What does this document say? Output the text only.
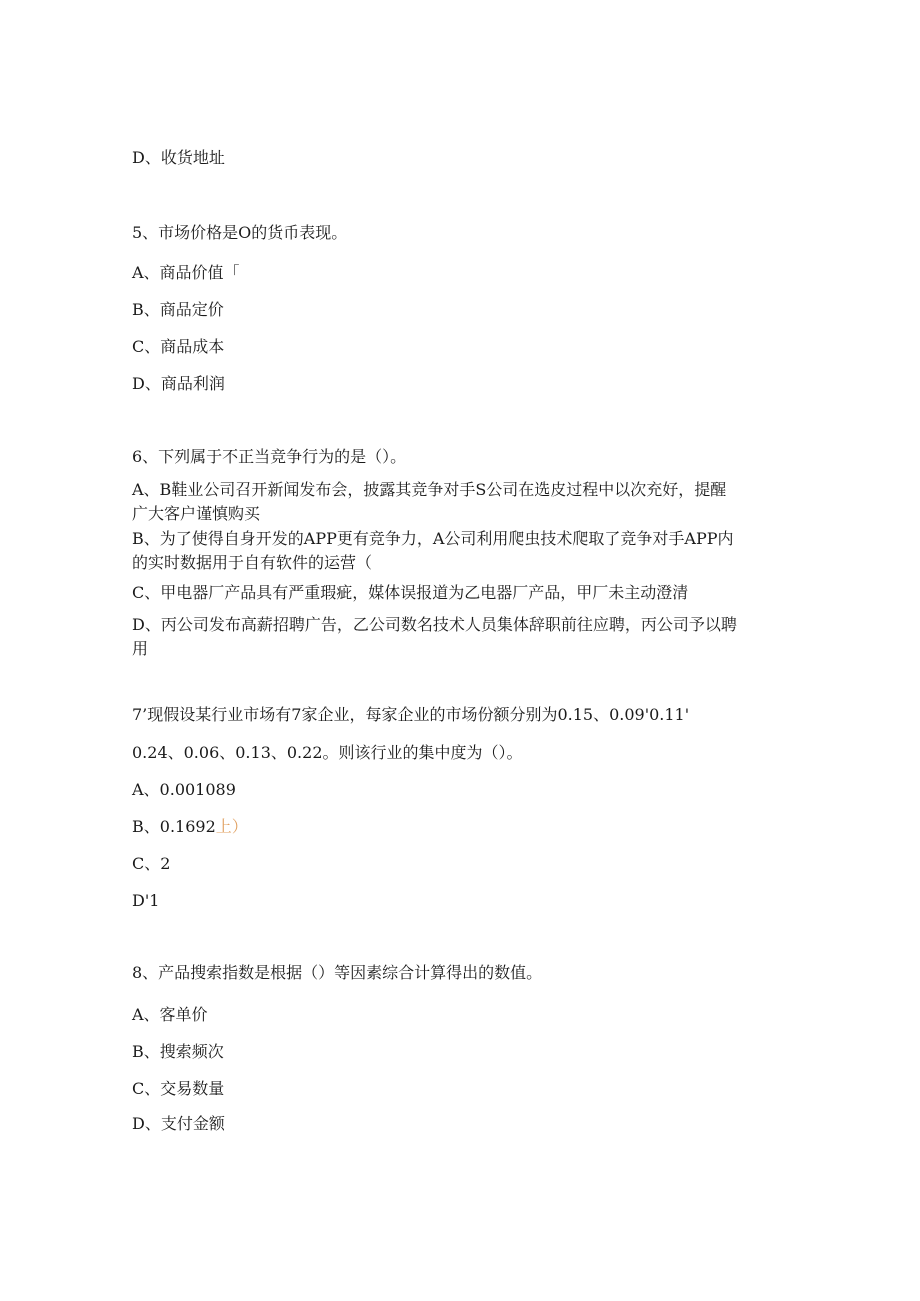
D、收货地址
5、市场价格是O的货币表现。
A、商品价值「
B、商品定价
C、商品成本
D、商品利润
6、下列属于不正当竞争行为的是（）。
A、B鞋业公司召开新闻发布会，披露其竞争对手S公司在选皮过程中以次充好，提醒
广大客户谨慎购买
B、为了使得自身开发的APP更有竞争力，A公司利用爬虫技术爬取了竞争对手APP内
的实时数据用于自有软件的运营（
C、甲电器厂产品具有严重瑕疵，媒体误报道为乙电器厂产品，甲厂未主动澄清
D、丙公司发布高薪招聘广告，乙公司数名技术人员集体辞职前往应聘，丙公司予以聘
用
7’现假设某行业市场有7家企业，每家企业的市场份额分别为0.15、0.09'0.11'
0.24、0.06、0.13、0.22。则该行业的集中度为（）。
A、0.001089
B、0.1692上）
C、2
D'1
8、产品搜索指数是根据（）等因素综合计算得出的数值。
A、客单价
B、搜索频次
C、交易数量
D、支付金额
